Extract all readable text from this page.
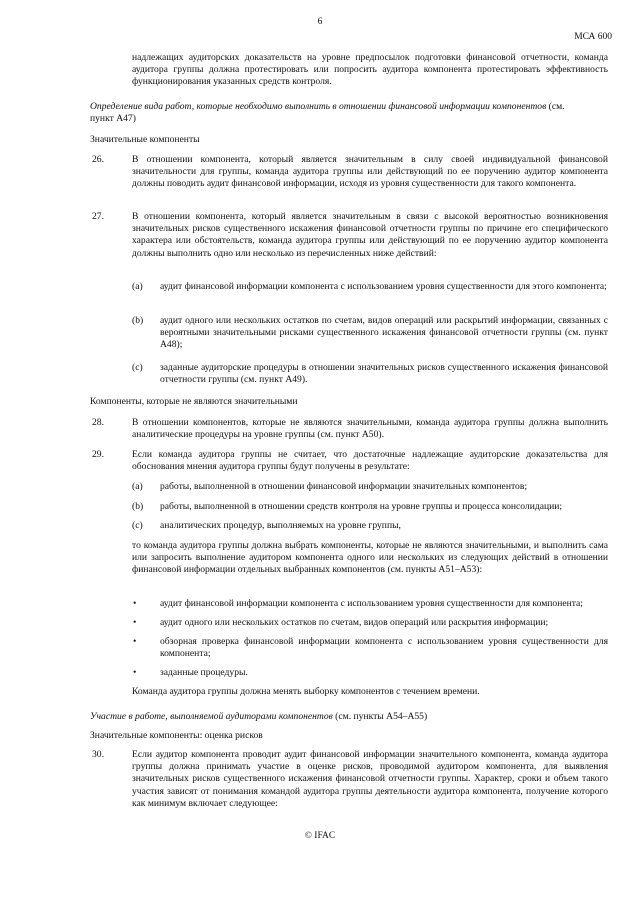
6
МСА 600

надлежащих аудиторских доказательств на уровне предпосылок подготовки финансовой отчетности, команда аудитора группы должна протестировать или попросить аудитора компонента протестировать эффективность функционирования указанных средств контроля.

Определение вида работ, которые необходимо выполнить в отношении финансовой информации компонентов (см. пункт А47)

Значительные компоненты

26.	В отношении компонента, который является значительным в силу своей индивидуальной финансовой значительности для группы, команда аудитора группы или действующий по ее поручению аудитор компонента должны поводить аудит финансовой информации, исходя из уровня существенности для такого компонента.
27.	В отношении компонента, который является значительным в связи с высокой вероятностью возникновения значительных рисков существенного искажения финансовой отчетности группы по причине его специфического характера или обстоятельств, команда аудитора группы или действующий по ее поручению аудитор компонента должны выполнить одно или несколько из перечисленных ниже действий:
(a) аудит финансовой информации компонента с использованием уровня существенности для этого компонента;
(b) аудит одного или нескольких остатков по счетам, видов операций или раскрытий информации, связанных с вероятными значительными рисками существенного искажения финансовой отчетности группы (см. пункт А48);
(c) заданные аудиторские процедуры в отношении значительных рисков существенного искажения финансовой отчетности группы (см. пункт А49).

Компоненты, которые не являются значительными

28.	В отношении компонентов, которые не являются значительными, команда аудитора группы должна выполнить аналитические процедуры на уровне группы (см. пункт А50).
29.	Если команда аудитора группы не считает, что достаточные надлежащие аудиторские доказательства для обоснования мнения аудитора группы будут получены в результате:
(a) работы, выполненной в отношении финансовой информации значительных компонентов;
(b) работы, выполненной в отношении средств контроля на уровне группы и процесса консолидации;
(c) аналитических процедур, выполняемых на уровне группы,

то команда аудитора группы должна выбрать компоненты, которые не являются значительными, и выполнить сама или запросить выполнение аудитором компонента одного или нескольких из следующих действий в отношении финансовой информации отдельных выбранных компонентов (см. пункты А51–А53):

• аудит финансовой информации компонента с использованием уровня существенности для компонента;
• аудит одного или нескольких остатков по счетам, видов операций или раскрытия информации;
• обзорная проверка финансовой информации компонента с использованием уровня существенности для компонента;
• заданные процедуры.

Команда аудитора группы должна менять выборку компонентов с течением времени.

Участие в работе, выполняемой аудиторами компонентов (см. пункты А54–А55)

Значительные компоненты: оценка рисков

30.	Если аудитор компонента проводит аудит финансовой информации значительного компонента, команда аудитора группы должна принимать участие в оценке рисков, проводимой аудитором компонента, для выявления значительных рисков существенного искажения финансовой отчетности группы. Характер, сроки и объем такого участия зависят от понимания командой аудитора группы деятельности аудитора компонента, получение которого как минимум включает следующее:
© IFAC
